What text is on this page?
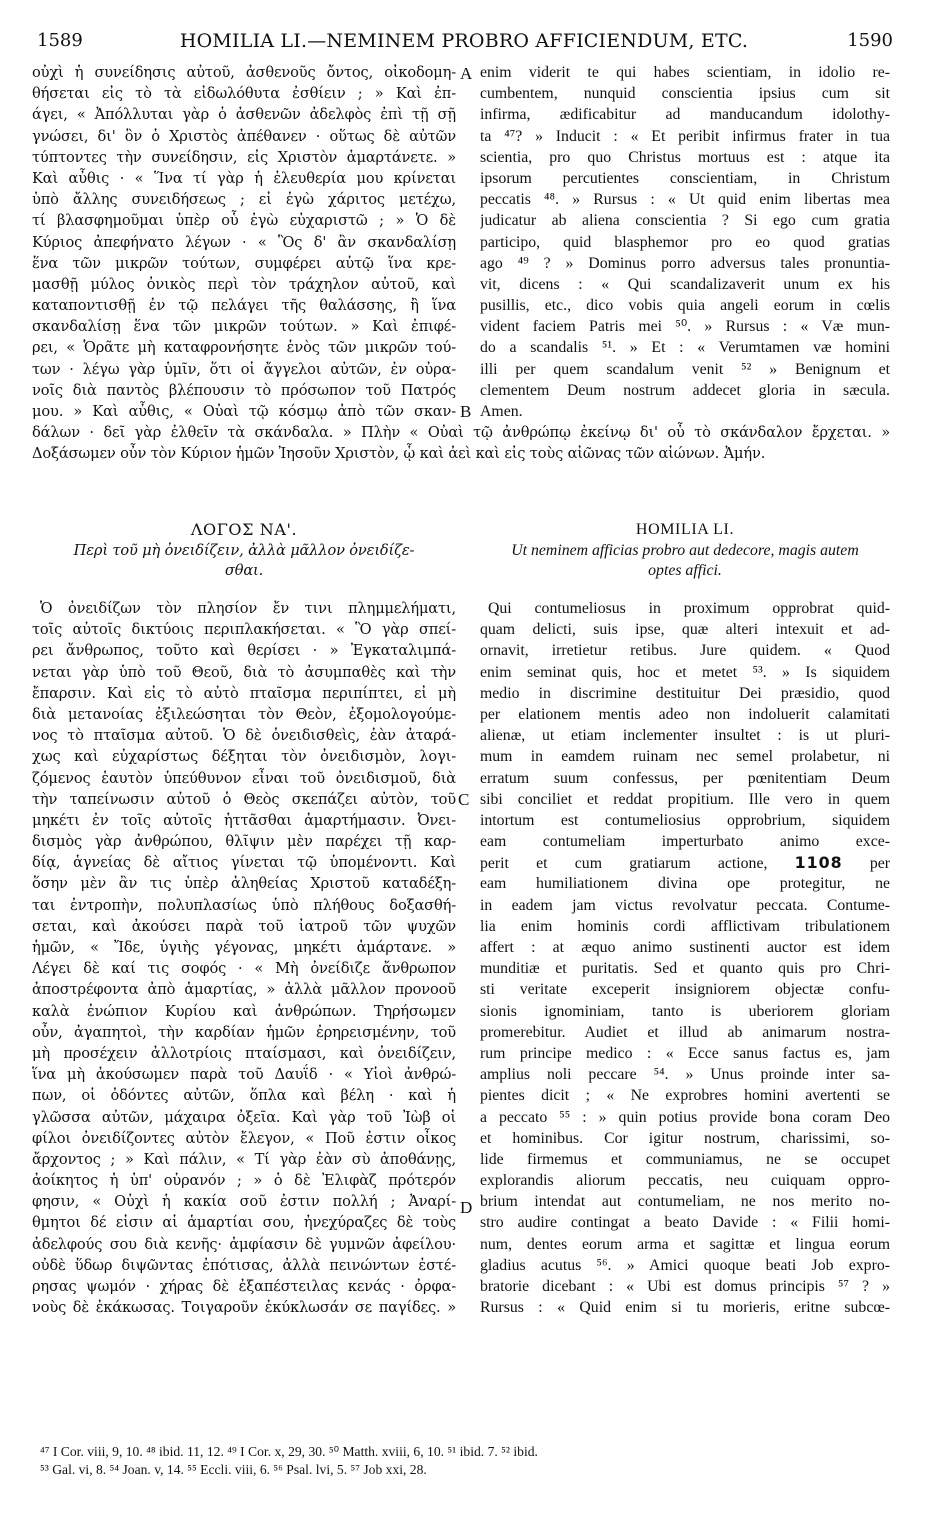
1589	HOMILIA LI.—NEMINEM PROBRO AFFICIENDUM, ETC.	1590
οὐχὶ ἡ συνείδησις αὐτοῦ, ἀσθενοῦς ὄντος, οἰκοδομη-
θήσεται εἰς τὸ τὰ εἰδωλόθυτα ἐσθίειν ; » Καὶ ἐπ-
άγει, « Ἀπόλλυται γὰρ ὁ ἀσθενῶν ἀδελφὸς ἐπὶ τῇ σῇ
γνώσει, δι' ὃν ὁ Χριστὸς ἀπέθανεν · οὕτως δὲ αὐτῶν
τύπτοντες τὴν συνείδησιν, εἰς Χριστὸν ἁμαρτάνετε. »
Καὶ αὖθις · « Ἵνα τί γὰρ ἡ ἐλευθερία μου κρίνεται
ὑπὸ ἄλλης συνειδήσεως ; εἰ ἐγὼ χάριτος μετέχω,
τί βλασφημοῦμαι ὑπὲρ οὗ ἐγὼ εὐχαριστῶ ; » Ὁ δὲ
Κύριος ἀπεφήνατο λέγων · « Ὃς δ' ἂν σκανδαλίσῃ
ἕνα τῶν μικρῶν τούτων, συμφέρει αὐτῷ ἵνα κρε-
μασθῇ μύλος ὀνικὸς περὶ τὸν τράχηλον αὐτοῦ, καὶ
καταποντισθῇ ἐν τῷ πελάγει τῆς θαλάσσης, ἢ ἵνα
σκανδαλίσῃ ἕνα τῶν μικρῶν τούτων. » Καὶ ἐπιφέ-
ρει, « Ὁρᾶτε μὴ καταφρονήσητε ἑνὸς τῶν μικρῶν τού-
των · λέγω γὰρ ὑμῖν, ὅτι οἱ ἄγγελοι αὐτῶν, ἐν οὐρα-
νοῖς διὰ παντὸς βλέπουσιν τὸ πρόσωπον τοῦ Πατρός
μου. » Καὶ αὖθις, « Οὐαὶ τῷ κόσμῳ ἀπὸ τῶν σκαν-
enim viderit te qui habes scientiam, in idolio re-
cumbentem, nunquid conscientia ipsius cum sit
infirma, ædificabitur ad manducandum idolothy-
ta ⁴⁷? » Inducit : « Et peribit infirmus frater in tua
scientia, pro quo Christus mortuus est : atque ita
ipsorum percutientes conscientiam, in Christum
peccatis ⁴⁸. » Rursus : « Ut quid enim libertas mea
judicatur ab aliena conscientia ? Si ego cum gratia
participo, quid blasphemor pro eo quod gratias
ago ⁴⁹ ? » Dominus porro adversus tales pronuntia-
vit, dicens : « Qui scandalizaverit unum ex his
pusillis, etc., dico vobis quia angeli eorum in cœlis
vident faciem Patris mei ⁵⁰. » Rursus : « Væ mun-
do a scandalis ⁵¹. » Et : « Verumtamen væ homini
illi per quem scandalum venit ⁵² » Benignum et
clementem Deum nostrum addecet gloria in sæcula.
Amen.
A
B
δάλων · δεῖ γὰρ ἐλθεῖν τὰ σκάνδαλα. » Πλὴν « Οὐαὶ τῷ ἀνθρώπῳ ἐκείνῳ δι' οὗ τὸ σκάνδαλον ἔρχεται. »
Δοξάσωμεν οὖν τὸν Κύριον ἡμῶν Ἰησοῦν Χριστὸν, ᾧ καὶ ἀεὶ καὶ εἰς τοὺς αἰῶνας τῶν αἰώνων. Ἀμήν.
ΛΟΓΟΣ ΝΑ'.
Περὶ τοῦ μὴ ὀνειδίζειν, ἀλλὰ μᾶλλον ὀνειδίζε-
σθαι.
HOMILIA LI.
Ut neminem afficias probro aut dedecore, magis autem
optes affici.
Ὁ ὀνειδίζων τὸν πλησίον ἔν τινι πλημμελήματι,
τοῖς αὐτοῖς δικτύοις περιπλακήσεται. « Ὃ γὰρ σπεί-
ρει ἄνθρωπος, τοῦτο καὶ θερίσει · » Ἐγκαταλιμπά-
νεται γὰρ ὑπὸ τοῦ Θεοῦ, διὰ τὸ ἀσυμπαθὲς καὶ τὴν
ἔπαρσιν. Καὶ εἰς τὸ αὐτὸ πταῖσμα περιπίπτει, εἰ μὴ
διὰ μετανοίας ἐξιλεώσηται τὸν Θεὸν, ἐξομολογούμε-
νος τὸ πταῖσμα αὐτοῦ. Ὁ δὲ ὀνειδισθεὶς, ἐὰν ἀταρά-
χως καὶ εὐχαρίστως δέξηται τὸν ὀνειδισμὸν, λογι-
ζόμενος ἑαυτὸν ὑπεύθυνον εἶναι τοῦ ὀνειδισμοῦ, διὰ
τὴν ταπείνωσιν αὐτοῦ ὁ Θεὸς σκεπάζει αὐτὸν, τοῦ
μηκέτι ἐν τοῖς αὐτοῖς ἡττᾶσθαι ἁμαρτήμασιν. Ὀνει-
δισμὸς γὰρ ἀνθρώπου, θλῖψιν μὲν παρέχει τῇ καρ-
δίᾳ, ἁγνείας δὲ αἴτιος γίνεται τῷ ὑπομένοντι. Καὶ
ὅσην μὲν ἂν τις ὑπὲρ ἀληθείας Χριστοῦ καταδέξη-
ται ἐντροπὴν, πολυπλασίως ὑπὸ πλήθους δοξασθή-
σεται, καὶ ἀκούσει παρὰ τοῦ ἰατροῦ τῶν ψυχῶν
ἡμῶν, « Ἴδε, ὑγιὴς γέγονας, μηκέτι ἁμάρτανε. »
Λέγει δὲ καί τις σοφός · « Μὴ ὀνείδιζε ἄνθρωπον
ἀποστρέφοντα ἀπὸ ἁμαρτίας, » ἀλλὰ μᾶλλον προνοοῦ
καλὰ ἐνώπιον Κυρίου καὶ ἀνθρώπων. Τηρήσωμεν
οὖν, ἀγαπητοὶ, τὴν καρδίαν ἡμῶν ἐρηρεισμένην, τοῦ
μὴ προσέχειν ἀλλοτρίοις πταίσμασι, καὶ ὀνειδίζειν,
ἵνα μὴ ἀκούσωμεν παρὰ τοῦ Δαυΐδ · « Υἱοὶ ἀνθρώ-
πων, οἱ ὀδόντες αὐτῶν, ὅπλα καὶ βέλη · καὶ ἡ
γλῶσσα αὐτῶν, μάχαιρα ὀξεῖα. Καὶ γὰρ τοῦ Ἰὼβ οἱ
φίλοι ὀνειδίζοντες αὐτὸν ἔλεγον, « Ποῦ ἐστιν οἶκος
ἄρχοντος ; » Καὶ πάλιν, « Τί γὰρ ἐὰν σὺ ἀποθάνῃς,
ἀοίκητος ἡ ὑπ' οὐρανόν ; » ὁ δὲ Ἐλιφὰζ πρότερόν
φησιν, « Οὐχὶ ἡ κακία σοῦ ἐστιν πολλή ; Ἀναρί-
θμητοι δέ εἰσιν αἱ ἁμαρτίαι σου, ἠνεχύραζες δὲ τοὺς
ἀδελφούς σου διὰ κενῆς· ἀμφίασιν δὲ γυμνῶν ἀφείλου·
οὐδὲ ὕδωρ διψῶντας ἐπότισας, ἀλλὰ πεινώντων ἐστέ-
ρησας ψωμόν · χήρας δὲ ἐξαπέστειλας κενάς · ὀρφα-
νοὺς δὲ ἐκάκωσας. Τοιγαροῦν ἐκύκλωσάν σε παγίδες. »
Qui contumeliosus in proximum opprobrat quid-
quam delicti, suis ipse, quæ alteri intexuit et ad-
ornavit, irretietur retibus. Jure quidem. « Quod
enim seminat quis, hoc et metet ⁵³. » Is siquidem
medio in discrimine destituitur Dei præsidio, quod
per elationem mentis adeo non indoluerit calamitati
alienæ, ut etiam inclementer insultet : is ut pluri-
mum in eamdem ruinam nec semel prolabetur, ni
erratum suum confessus, per pœnitentiam Deum
sibi conciliet et reddat propitium. Ille vero in quem
intortum est contumeliosius opprobrium, siquidem
eam contumeliam imperturbato animo exce-
perit et cum gratiarum actione, 1108 per
eam humiliationem divina ope protegitur, ne
in eadem jam victus revolvatur peccata. Contume-
lia enim hominis cordi afflictivam tribulationem
affert : at æquo animo sustinenti auctor est idem
munditiæ et puritatis. Sed et quanto quis pro Chri-
sti veritate exceperit insigniorem objectæ confu-
sionis ignominiam, tanto is uberiorem gloriam
promerebitur. Audiet et illud ab animarum nostra-
rum principe medico : « Ecce sanus factus es, jam
amplius noli peccare ⁵⁴. » Unus proinde inter sa-
pientes dicit ; « Ne exprobres homini avertenti se
a peccato ⁵⁵ : » quin potius provide bona coram Deo
et hominibus. Cor igitur nostrum, charissimi, so-
lide firmemus et communiamus, ne se occupet
explorandis aliorum peccatis, neu cuiquam oppro-
brium intendat aut contumeliam, ne nos merito no-
stro audire contingat a beato Davide : « Filii homi-
num, dentes eorum arma et sagittæ et lingua eorum
gladius acutus ⁵⁶. » Amici quoque beati Job expro-
bratorie dicebant : « Ubi est domus principis ⁵⁷ ? »
Rursus : « Quid enim si tu morieris, eritne subcœ-
C
D
⁴⁷ I Cor. viii, 9, 10. ⁴⁸ ibid. 11, 12. ⁴⁹ I Cor. x, 29, 30. ⁵⁰ Matth. xviii, 6, 10. ⁵¹ ibid. 7. ⁵² ibid.
⁵³ Gal. vi, 8. ⁵⁴ Joan. v, 14. ⁵⁵ Eccli. viii, 6. ⁵⁶ Psal. lvi, 5. ⁵⁷ Job xxi, 28.
